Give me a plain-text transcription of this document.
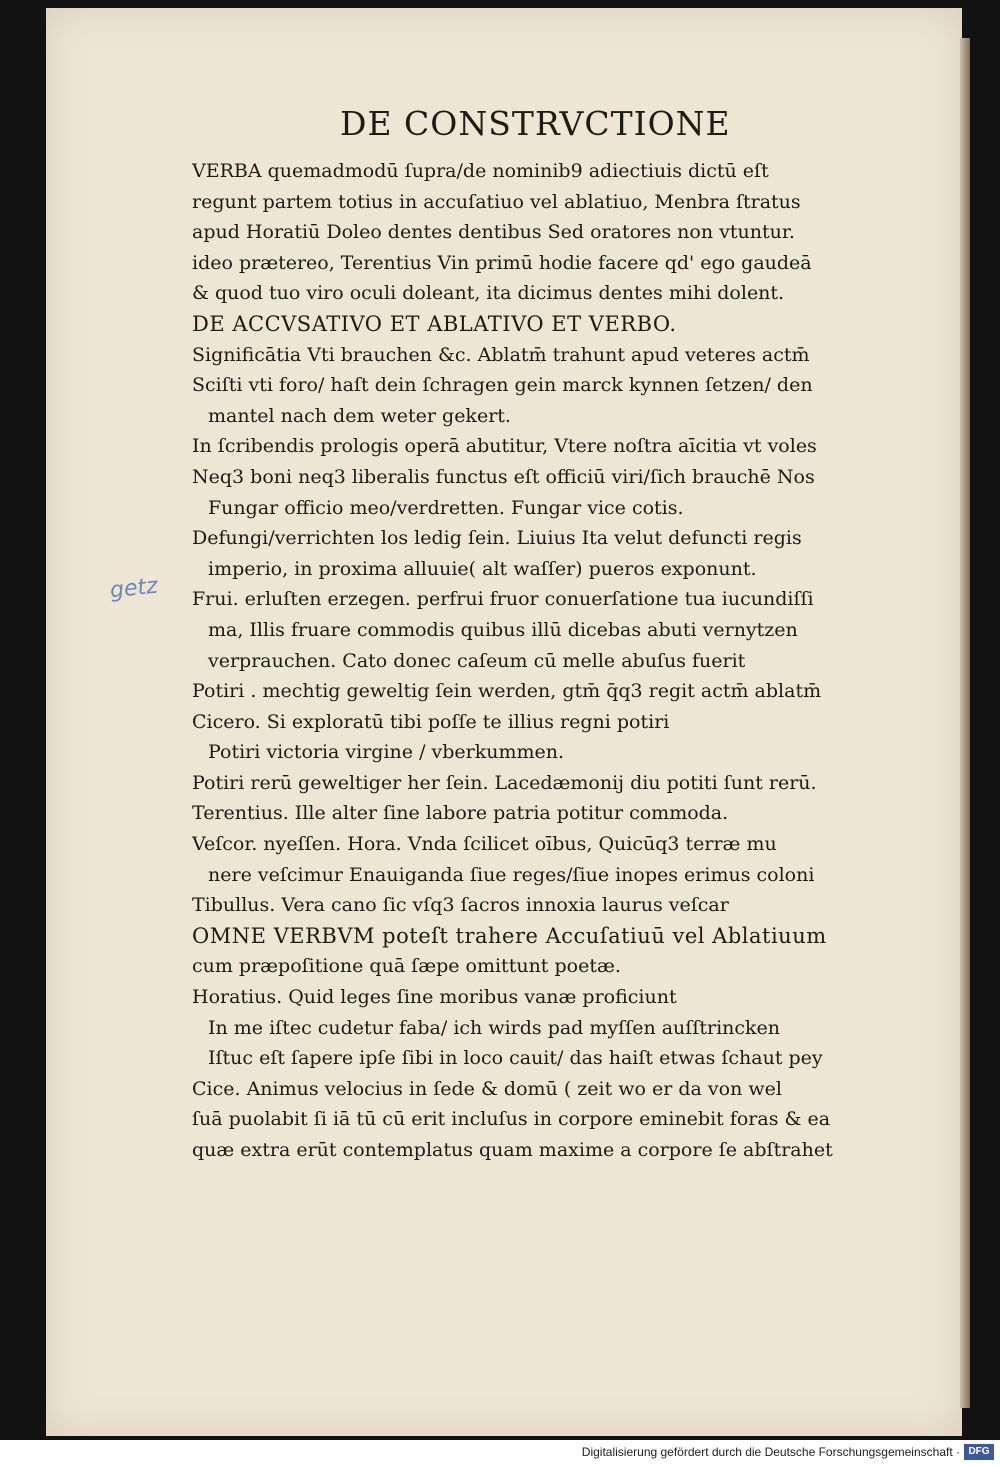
DE CONSTRVCTIONE
getz
VERBA quemadmodū ſupra/de nominib9 adiectiuis dictū eſt
regunt partem totius in accuſatiuo vel ablatiuo, Menbra ſtratus
apud Horatiū Doleo dentes dentibus Sed oratores non vtuntur.
ideo prætereo, Terentius Vin primū hodie facere qd' ego gaudeā
& quod tuo viro oculi doleant, ita dicimus dentes mihi dolent.
DE ACCVSATIVO ET ABLATIVO ET VERBO.
Significātia Vti brauchen &c. Ablatm̄ trahunt apud veteres actm̄
Sciſti vti foro/ haſt dein ſchragen gein marck kynnen ſetzen/ den
mantel nach dem weter gekert.
In ſcribendis prologis operā abutitur, Vtere noſtra aīcitia vt voles
Neq3 boni neq3 liberalis functus eſt officiū viri/ſich brauchē Nos
Fungar officio meo/verdretten. Fungar vice cotis.
Defungi/verrichten los ledig ſein. Liuius Ita velut defuncti regis
imperio, in proxima alluuie( alt waſſer) pueros exponunt.
Frui. erluſten erzegen. perfrui fruor conuerſatione tua iucundiſſi
ma, Illis fruare commodis quibus illū dicebas abuti vernytzen
verprauchen. Cato donec caſeum cū melle abuſus fuerit
Potiri . mechtig geweltig ſein werden, gtm̄ q̄q3 regit actm̄ ablatm̄
Cicero. Si exploratū tibi poſſe te illius regni potiri
Potiri victoria virgine / vberkummen.
Potiri rerū geweltiger her ſein. Lacedæmonij diu potiti ſunt rerū.
Terentius. Ille alter ſine labore patria potitur commoda.
Veſcor. nyeſſen. Hora. Vnda ſcilicet oībus, Quicūq3 terræ mu
nere veſcimur Enauiganda ſiue reges/ſiue inopes erimus coloni
Tibullus. Vera cano ſic vſq3 ſacros innoxia laurus veſcar
OMNE VERBVM poteſt trahere Accuſatiuū vel Ablatiuum
cum præpoſitione quā ſæpe omittunt poetæ.
Horatius. Quid leges ſine moribus vanæ proficiunt
In me iſtec cudetur faba/ ich wirds pad myſſen auſſtrincken
Iſtuc eſt ſapere ipſe ſibi in loco cauit/ das haiſt etwas ſchaut pey
Cice. Animus velocius in ſede & domū ( zeit wo er da von wel
ſuā puolabit ſi iā tū cū erit incluſus in corpore eminebit foras & ea
quæ extra erūt contemplatus quam maxime a corpore ſe abſtrahet
Digitalisierung gefördert durch die Deutsche Forschungsgemeinschaft · DFG
